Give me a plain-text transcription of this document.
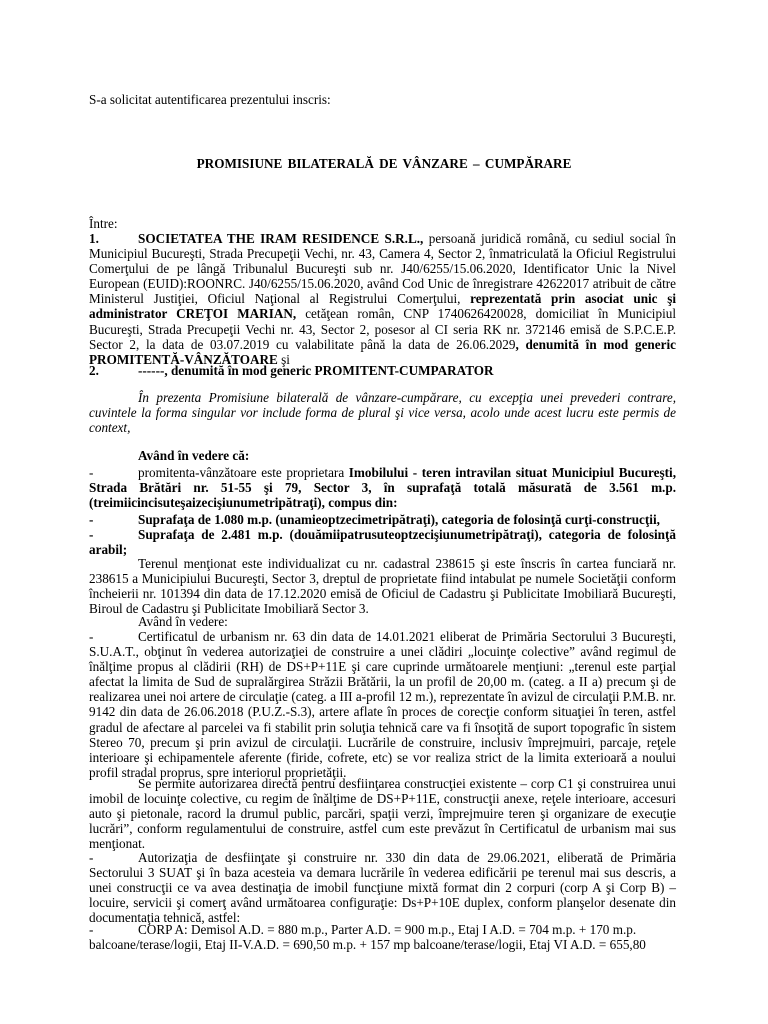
S-a solicitat autentificarea prezentului inscris:

PROMISIUNE BILATERALĂ DE VÂNZARE – CUMPĂRARE

Între:

1.	SOCIETATEA THE IRAM RESIDENCE S.R.L., persoană juridică română, cu sediul social în Municipiul Bucureşti, Strada Precupeţii Vechi, nr. 43, Camera 4, Sector 2, înmatriculată la Oficiul Registrului Comerţului de pe lângă Tribunalul Bucureşti sub nr. J40/6255/15.06.2020, Identificator Unic la Nivel European (EUID):ROONRC. J40/6255/15.06.2020, având Cod Unic de înregistrare 42622017 atribuit de către Ministerul Justiţiei, Oficiul Naţional al Registrului Comerţului, reprezentată prin asociat unic şi administrator CREŢOI MARIAN, cetăţean român, CNP 1740626420028, domiciliat în Municipiul Bucureşti, Strada Precupeţii Vechi nr. 43, Sector 2, posesor al CI seria RK nr. 372146 emisă de S.P.C.E.P. Sector 2, la data de 03.07.2019 cu valabilitate până la data de 26.06.2029, denumită în mod generic PROMITENTĂ-VÂNZĂTOARE şi
2.	------, denumită în mod generic PROMITENT-CUMPARATOR

În prezenta Promisiune bilaterală de vânzare-cumpărare, cu excepţia unei prevederi contrare, cuvintele la forma singular vor include forma de plural şi vice versa, acolo unde acest lucru este permis de context,

Având în vedere că:

-	promitenta-vânzătoare este proprietara Imobilului - teren intravilan situat Municipiul Bucureşti, Strada Brătări nr. 51-55 şi 79, Sector 3, în suprafaţă totală măsurată de 3.561 m.p. (treimiicincisuteşaizecişiunumetripătraţi), compus din:
-	Suprafaţa de 1.080 m.p. (unamieoptzecimetripătraţi), categoria de folosinţă curţi-construcţii,
-	Suprafaţa de 2.481 m.p. (douămiipatrusuteoptzecişiunumetripătraţi), categoria de folosinţă arabil;

Terenul menţionat este individualizat cu nr. cadastral 238615 şi este înscris în cartea funciară nr. 238615 a Municipiului Bucureşti, Sector 3, dreptul de proprietate fiind intabulat pe numele Societăţii conform încheierii nr. 101394 din data de 17.12.2020 emisă de Oficiul de Cadastru şi Publicitate Imobiliară Bucureşti, Biroul de Cadastru şi Publicitate Imobiliară Sector 3.

Având în vedere:

-	Certificatul de urbanism nr. 63 din data de 14.01.2021 eliberat de Primăria Sectorului 3 Bucureşti, S.U.A.T., obţinut în vederea autorizaţiei de construire a unei clădiri „locuinţe colective” având regimul de înălţime propus al clădirii (RH) de DS+P+11E şi care cuprinde următoarele menţiuni: „terenul este parţial afectat la limita de Sud de supralărgirea Străzii Brătării, la un profil de 20,00 m. (categ. a II a) precum şi de realizarea unei noi artere de circulaţie (categ. a III a-profil 12 m.), reprezentate în avizul de circulaţii P.M.B. nr. 9142 din data de 26.06.2018 (P.U.Z.-S.3), artere aflate în proces de corecţie conform situaţiei în teren, astfel gradul de afectare al parcelei va fi stabilit prin soluţia tehnică care va fi însoţită de suport topografic în sistem Stereo 70, precum şi prin avizul de circulaţii. Lucrările de construire, inclusiv împrejmuiri, parcaje, reţele interioare şi echipamentele aferente (firide, cofrete, etc) se vor realiza strict de la limita exterioară a noului profil stradal proprus, spre interiorul proprietăţii.

Se permite autorizarea directă pentru desfiinţarea construcţiei existente – corp C1 şi construirea unui imobil de locuinţe colective, cu regim de înălţime de DS+P+11E, construcţii anexe, reţele interioare, accesuri auto şi pietonale, racord la drumul public, parcări, spaţii verzi, împrejmuire teren şi organizare de execuţie lucrări”, conform regulamentului de construire, astfel cum este prevăzut în Certificatul de urbanism mai sus menţionat.

-	Autorizaţia de desfiinţate şi construire nr. 330 din data de 29.06.2021, eliberată de Primăria Sectorului 3 SUAT şi în baza acesteia va demara lucrările în vederea edificării pe terenul mai sus descris, a unei construcţii ce va avea destinaţia de imobil funcţiune mixtă format din 2 corpuri (corp A şi Corp B) – locuire, servicii şi comerţ având următoarea configuraţie: Ds+P+10E duplex, conform planşelor desenate din documentaţia tehnică, astfel:
-	CORP A: Demisol A.D. = 880 m.p., Parter A.D. = 900 m.p., Etaj I A.D. = 704 m.p. + 170 m.p.
balcoane/terase/logii, Etaj II-V.A.D. = 690,50 m.p. + 157 mp balcoane/terase/logii, Etaj VI A.D. = 655,80
